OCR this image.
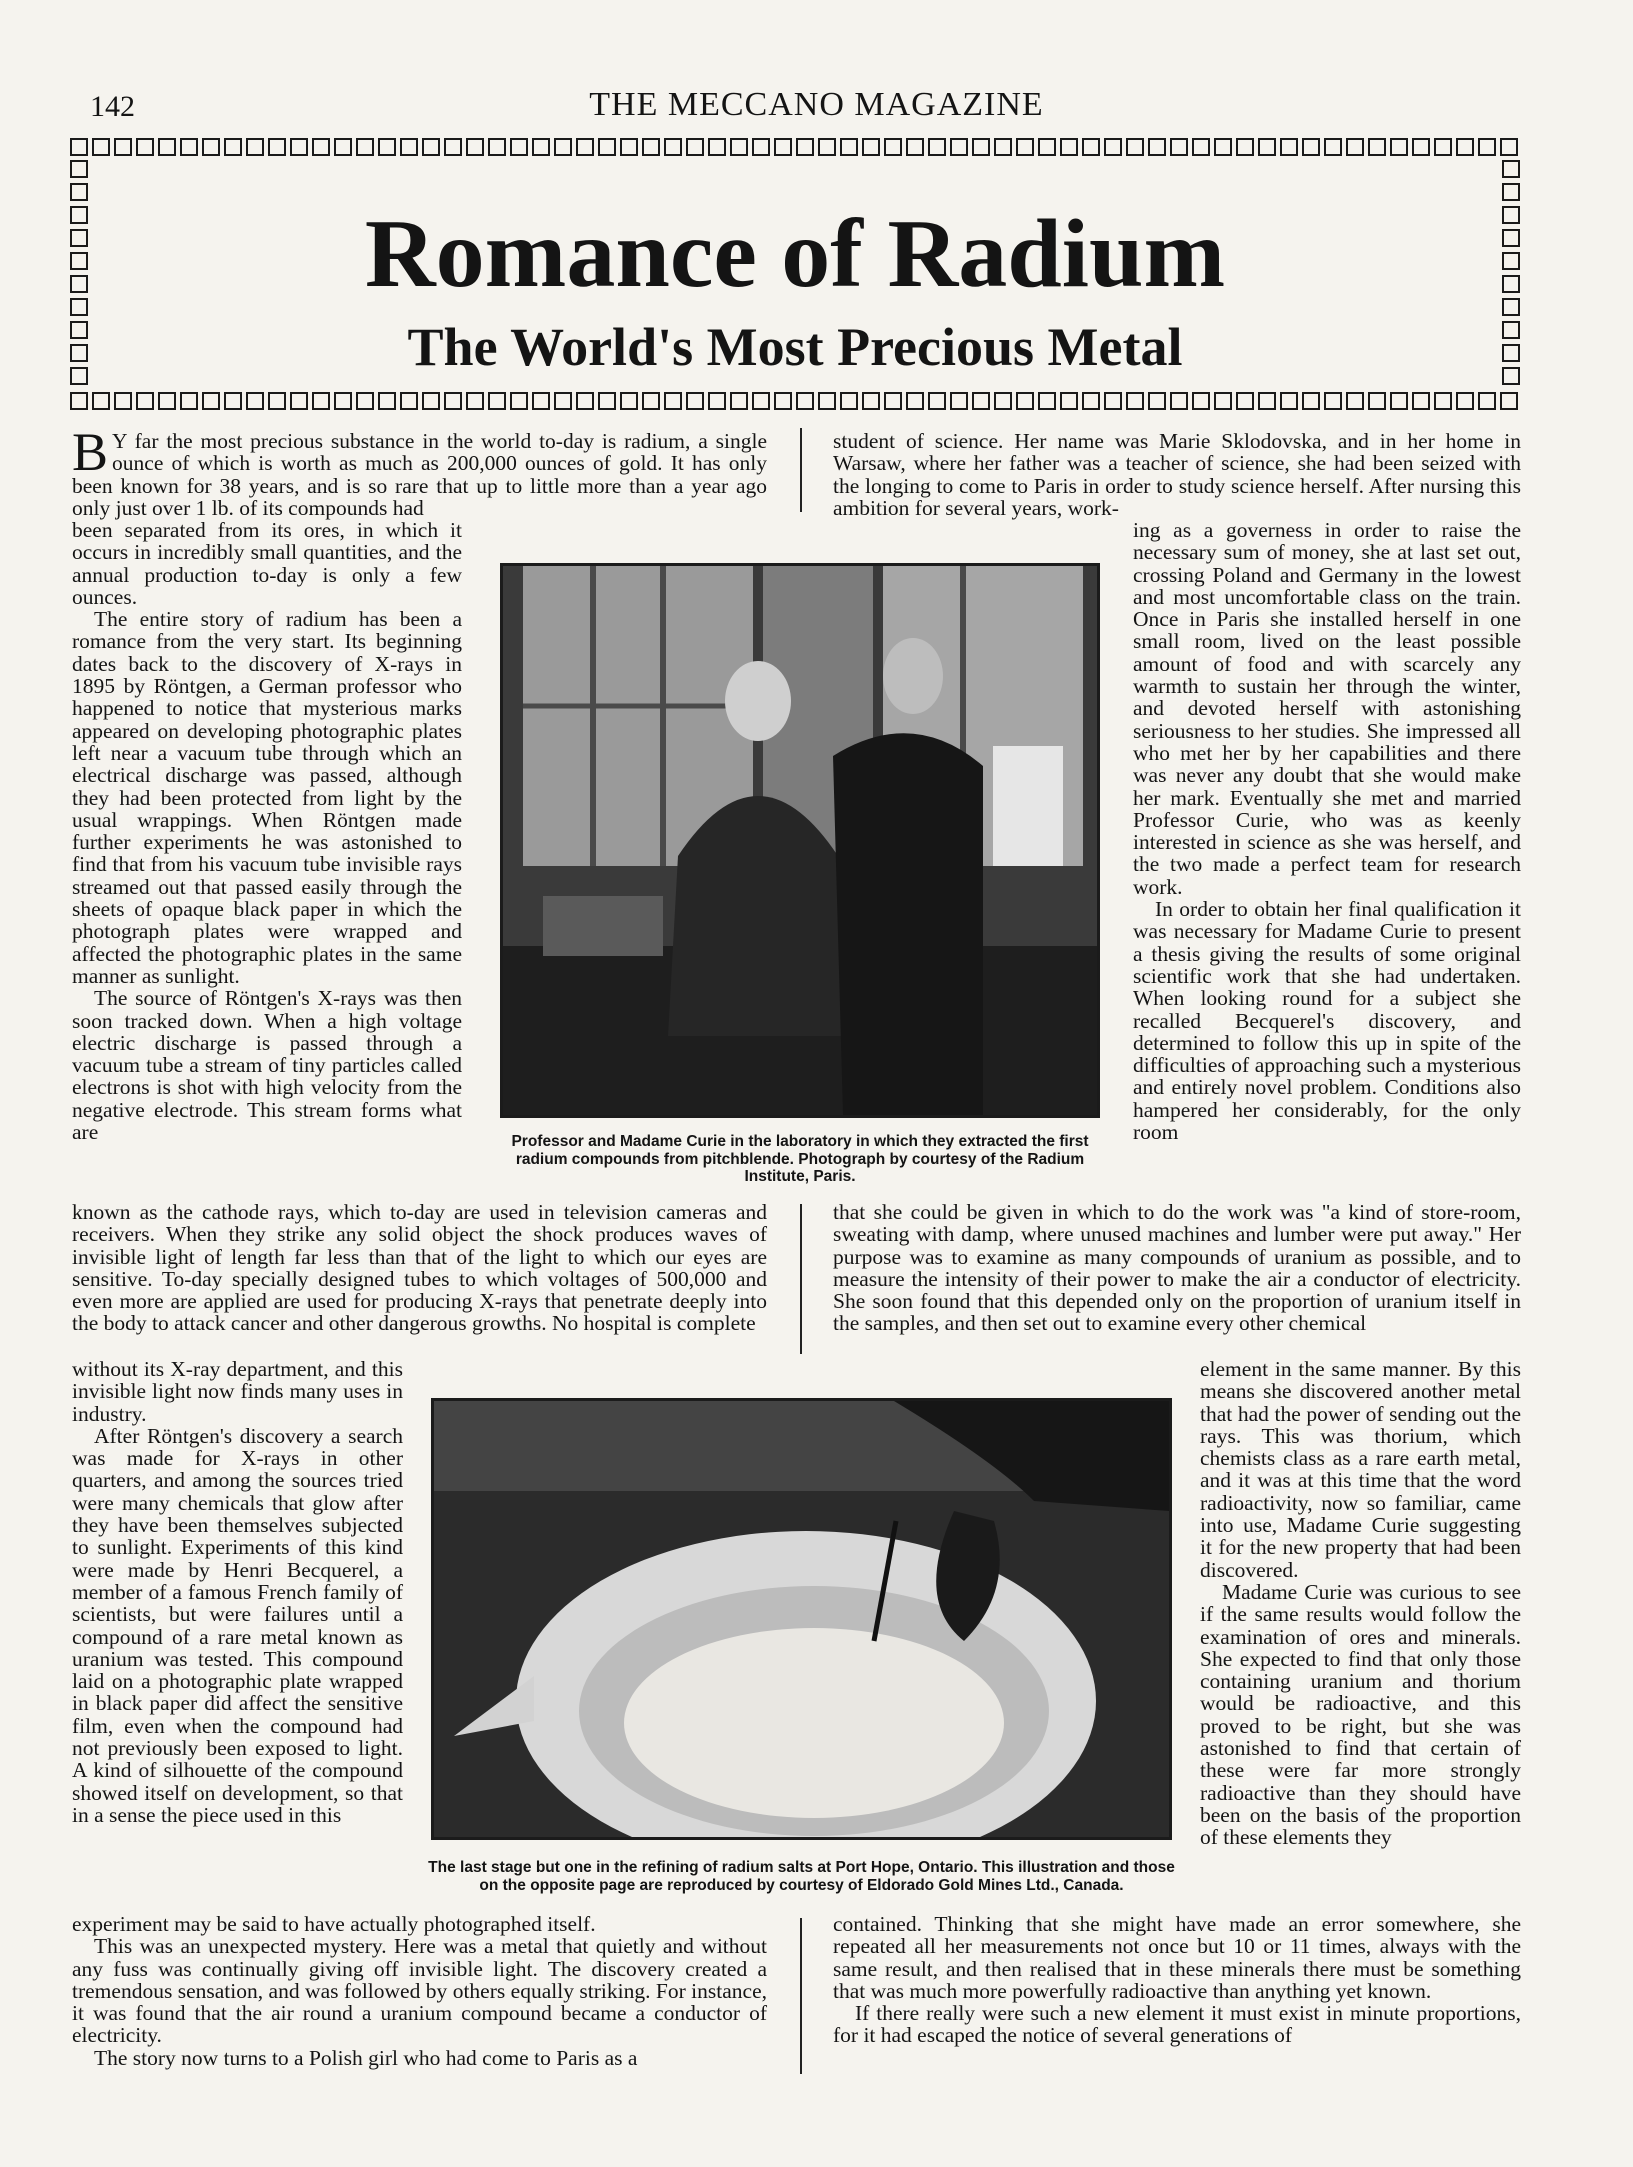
142	THE MECCANO MAGAZINE
Romance of Radium
The World's Most Precious Metal

B Y far the most precious substance in the world to-day is radium, a single ounce of which is worth as much as 200,000 ounces of gold. It has only been known for 38 years, and is so rare that up to little more than a year ago only just over 1 lb. of its compounds had

been separated from its ores, in which it occurs in incredibly small quantities, and the annual production to-day is only a few ounces.

The entire story of radium has been a romance from the very start. Its beginning dates back to the discovery of X-rays in 1895 by Röntgen, a German professor who happened to notice that mysterious marks appeared on developing photographic plates left near a vacuum tube through which an electrical discharge was passed, although they had been protected from light by the usual wrappings. When Röntgen made further experiments he was astonished to find that from his vacuum tube invisible rays streamed out that passed easily through the sheets of opaque black paper in which the photograph plates were wrapped and affected the photographic plates in the same manner as sunlight.

The source of Röntgen's X-rays was then soon tracked down. When a high voltage electric discharge is passed through a vacuum tube a stream of tiny particles called electrons is shot with high velocity from the negative electrode. This stream forms what are	Professor and Madame Curie in the laboratory in which they extracted the first radium compounds from pitchblende. Photograph by courtesy of the Radium Institute, Paris.

known as the cathode rays, which to-day are used in television cameras and receivers. When they strike any solid object the shock produces waves of invisible light of length far less than that of the light to which our eyes are sensitive. To-day specially designed tubes to which voltages of 500,000 and even more are applied are used for producing X-rays that penetrate deeply into the body to attack cancer and other dangerous growths. No hospital is complete

without its X-ray department, and this invisible light now finds many uses in industry.

After Röntgen's discovery a search was made for X-rays in other quarters, and among the sources tried were many chemicals that glow after they have been themselves subjected to sunlight. Experiments of this kind were made by Henri Becquerel, a member of a famous French family of scientists, but were failures until a compound of a rare metal known as uranium was tested. This compound laid on a photographic plate wrapped in black paper did affect the sensitive film, even when the compound had not previously been exposed to light. A kind of silhouette of the compound showed itself on development, so that in a sense the piece used in this

The last stage but one in the refining of radium salts at Port Hope, Ontario. This illustration and those on the opposite page are reproduced by courtesy of Eldorado Gold Mines Ltd., Canada.

experiment may be said to have actually photographed itself.

This was an unexpected mystery. Here was a metal that quietly and without any fuss was continually giving off invisible light. The discovery created a tremendous sensation, and was followed by others equally striking. For instance, it was found that the air round a uranium compound became a conductor of electricity.

The story now turns to a Polish girl who had come to Paris as a

student of science. Her name was Marie Sklodovska, and in her home in Warsaw, where her father was a teacher of science, she had been seized with the longing to come to Paris in order to study science herself. After nursing this ambition for several years, work-

ing as a governess in order to raise the necessary sum of money, she at last set out, crossing Poland and Germany in the lowest and most uncomfortable class on the train. Once in Paris she installed herself in one small room, lived on the least possible amount of food and with scarcely any warmth to sustain her through the winter, and devoted herself with astonishing seriousness to her studies. She impressed all who met her by her capabilities and there was never any doubt that she would make her mark. Eventually she met and married Professor Curie, who was as keenly interested in science as she was herself, and the two made a perfect team for research work.

In order to obtain her final qualification it was necessary for Madame Curie to present a thesis giving the results of some original scientific work that she had undertaken. When looking round for a subject she recalled Becquerel's discovery, and determined to follow this up in spite of the difficulties of approaching such a mysterious and entirely novel problem. Conditions also hampered her considerably, for the only room

that she could be given in which to do the work was "a kind of store-room, sweating with damp, where unused machines and lumber were put away." Her purpose was to examine as many compounds of uranium as possible, and to measure the intensity of their power to make the air a conductor of electricity. She soon found that this depended only on the proportion of uranium itself in the samples, and then set out to examine every other chemical

element in the same manner. By this means she discovered another metal that had the power of sending out the rays. This was thorium, which chemists class as a rare earth metal, and it was at this time that the word radioactivity, now so familiar, came into use, Madame Curie suggesting it for the new property that had been discovered.

Madame Curie was curious to see if the same results would follow the examination of ores and minerals. She expected to find that only those containing uranium and thorium would be radioactive, and this proved to be right, but she was astonished to find that certain of these were far more strongly radioactive than they should have been on the basis of the proportion of these elements they

contained. Thinking that she might have made an error somewhere, she repeated all her measurements not once but 10 or 11 times, always with the same result, and then realised that in these minerals there must be something that was much more powerfully radioactive than anything yet known.

If there really were such a new element it must exist in minute proportions, for it had escaped the notice of several generations of
